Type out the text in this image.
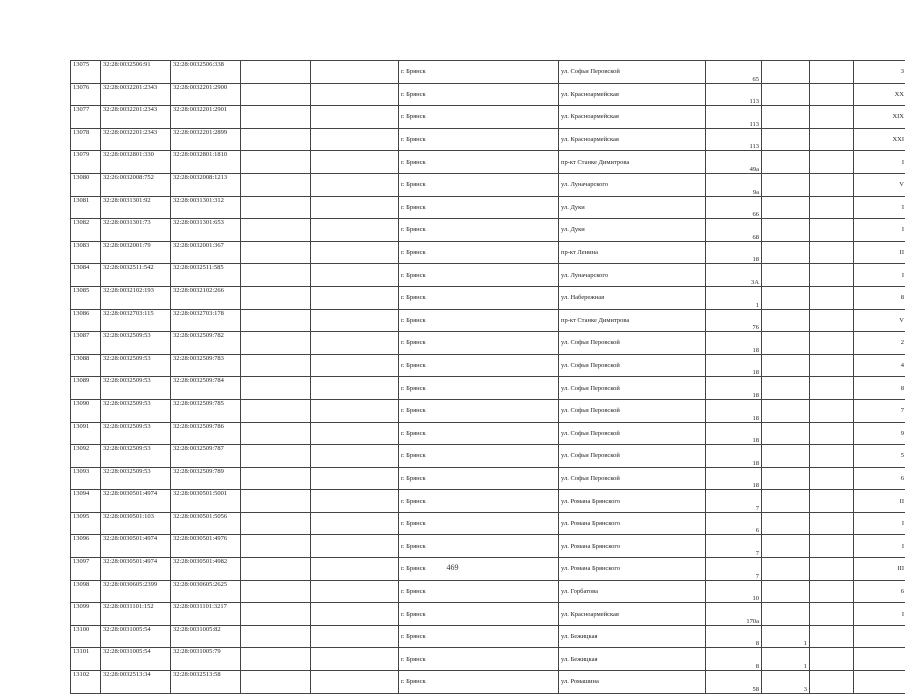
13075	32:28:0032506:91	32:28:0032506:338			г. Брянск	ул. Софьи Перовской	65			3
13076	32:28:0032201:2343	32:28:0032201:2900			г. Брянск	ул. Красноармейская	113			XX
13077	32:28:0032201:2343	32:28:0032201:2901			г. Брянск	ул. Красноармейская	113			XIX
13078	32:28:0032201:2343	32:28:0032201:2899			г. Брянск	ул. Красноармейская	113			XXI
13079	32:28:0032801:330	32:28:0032801:1810			г. Брянск	пр-кт Станке Димитрова	49а			I
13080	32:26:0032008:752	32:28:0032008:1213			г. Брянск	ул. Луначарского	9а			V
13081	32:28:0031301:92	32:28:0031301:312			г. Брянск	ул. Дуки	66			I
13082	32:28:0031301:73	32:28:0031301:653			г. Брянск	ул. Дуки	68			I
13083	32:28:0032001:79	32:28:0032001:367			г. Брянск	пр-кт Ленина	18			II
13084	32:28:0032511:542	32:28:0032511:585			г. Брянск	ул. Луначарского	3А			I
13085	32:28:0032102:193	32:28:0032102:266			г. Брянск	ул. Набережная	1			8
13086	32:28:0032703:115	32:28:0032703:178			г. Брянск	пр-кт Станке Димитрова	76			V
13087	32:28:0032509:53	32:28:0032509:782			г. Брянск	ул. Софьи Перовской	18			2
13088	32:28:0032509:53	32:28:0032509:783			г. Брянск	ул. Софьи Перовской	18			4
13089	32:28:0032509:53	32:28:0032509:784			г. Брянск	ул. Софьи Перовской	18			8
13090	32:28:0032509:53	32:28:0032509:785			г. Брянск	ул. Софьи Перовской	18			7
13091	32:28:0032509:53	32:28:0032509:786			г. Брянск	ул. Софьи Перовской	18			9
13092	32:28:0032509:53	32:28:0032509:787			г. Брянск	ул. Софьи Перовской	18			5
13093	32:28:0032509:53	32:28:0032509:789			г. Брянск	ул. Софьи Перовской	18			6
13094	32:28:0030501:4974	32:28:0030501:5001			г. Брянск	ул. Романа Брянского	7			II
13095	32:28:0030501:103	32:28:0030501:5056			г. Брянск	ул. Романа Брянского	6			I
13096	32:28:0030501:4974	32:28:0030501:4976			г. Брянск	ул. Романа Брянского	7			I
13097	32:28:0030501:4974	32:28:0030501:4982			г. Брянск	ул. Романа Брянского	7			III
13098	32:28:0030605:2399	32:28:0030605:2625			г. Брянск	ул. Горбатова	10			6
13099	32:28:0031101:152	32:28:0031101:3217			г. Брянск	ул. Красноармейская	170а			I
13100	32:28:0031005:54	32:28:0031005:82			г. Брянск	ул. Бежицкая	8	1		
13101	32:28:0031005:54	32:28:0031005:79			г. Брянск	ул. Бежицкая	8	1		
13102	32:28:0032513:34	32:28:0032513:58			г. Брянск	ул. Ромашина	58	3		
469
